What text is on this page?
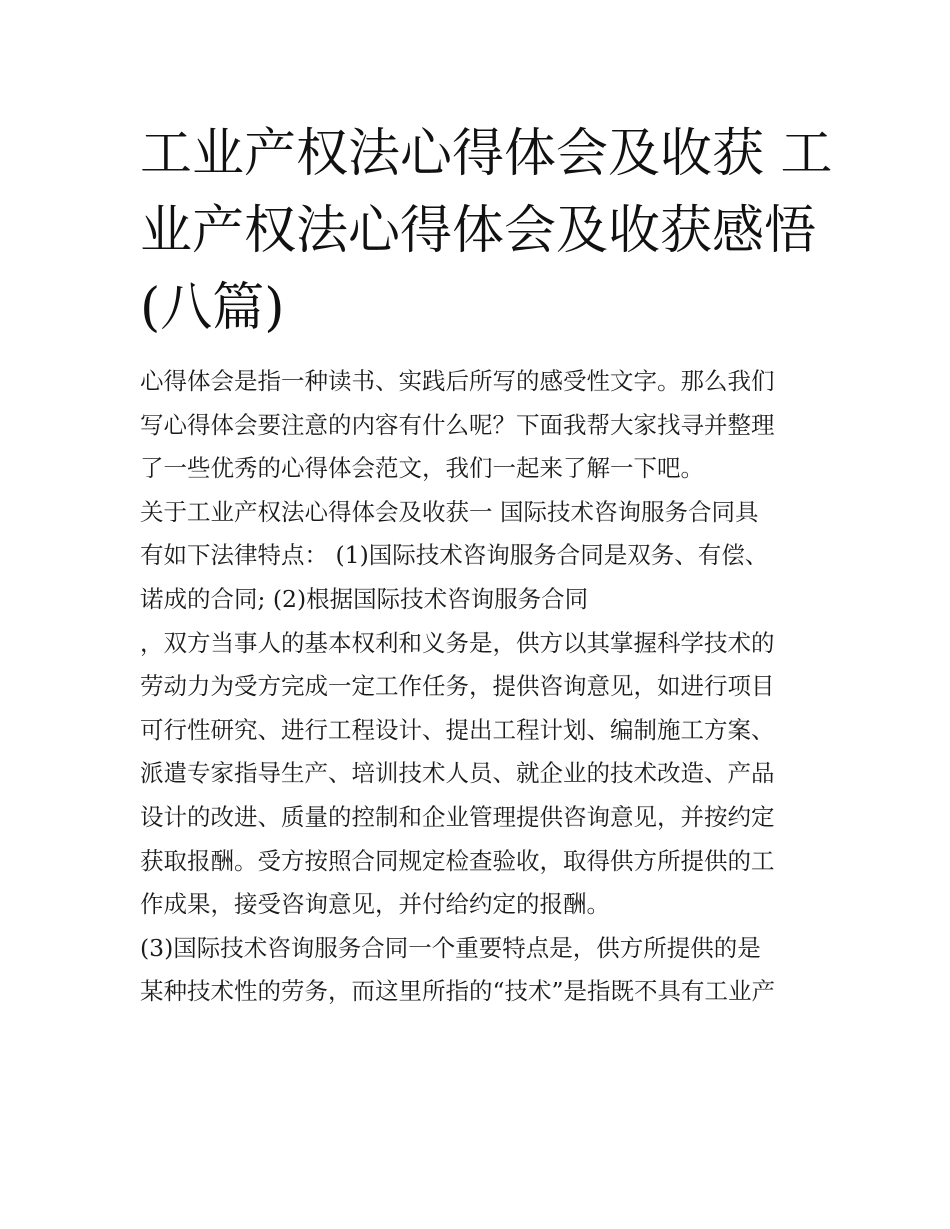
工业产权法心得体会及收获 工
业产权法心得体会及收获感悟
(八篇)
心得体会是指一种读书、实践后所写的感受性文字。那么我们
写心得体会要注意的内容有什么呢？下面我帮大家找寻并整理
了一些优秀的心得体会范文，我们一起来了解一下吧。
关于工业产权法心得体会及收获一 国际技术咨询服务合同具
有如下法律特点： (1)国际技术咨询服务合同是双务、有偿、
诺成的合同; (2)根据国际技术咨询服务合同
，双方当事人的基本权利和义务是，供方以其掌握科学技术的
劳动力为受方完成一定工作任务，提供咨询意见，如进行项目
可行性研究、进行工程设计、提出工程计划、编制施工方案、
派遣专家指导生产、培训技术人员、就企业的技术改造、产品
设计的改进、质量的控制和企业管理提供咨询意见，并按约定
获取报酬。受方按照合同规定检查验收，取得供方所提供的工
作成果，接受咨询意见，并付给约定的报酬。
(3)国际技术咨询服务合同一个重要特点是，供方所提供的是
某种技术性的劳务，而这里所指的“技术”是指既不具有工业产
